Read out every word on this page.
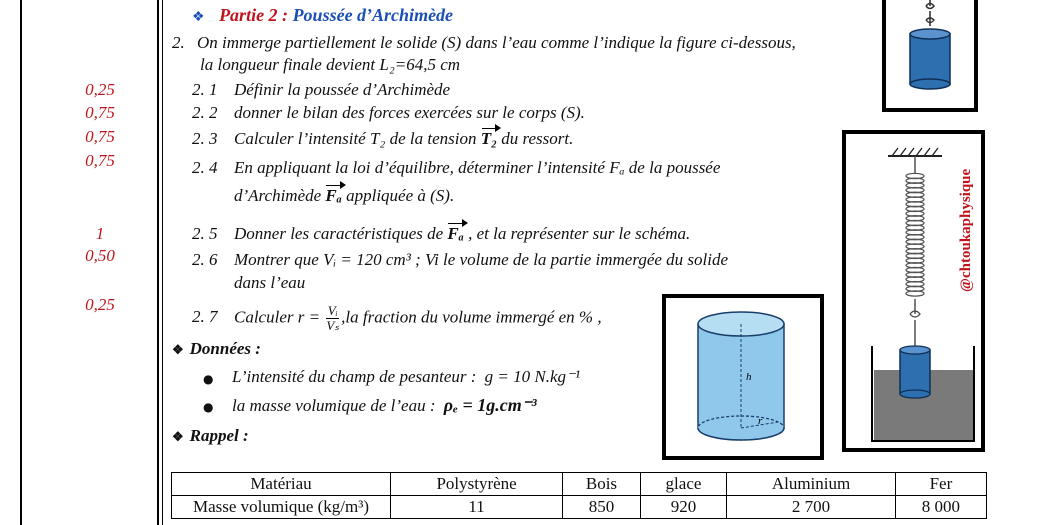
0,25
0,75
0,75
0,75
1
0,50
0,25
❖ Partie 2 : Poussée d’Archimède
2. On immerge partiellement le solide (S) dans l’eau comme l’indique la figure ci-dessous,
la longueur finale devient L₂=64,5 cm
2. 1 Définir la poussée d’Archimède
2. 2 donner le bilan des forces exercées sur le corps (S).
2. 3 Calculer l’intensité T₂ de la tension T₂ du ressort.
2. 4 En appliquant la loi d’équilibre, déterminer l’intensité Fₐ de la poussée
d’Archimède Fₐ appliquée à (S).
2. 5 Donner les caractéristiques de Fₐ , et la représenter sur le schéma.
2. 6 Montrer que Vᵢ = 120 cm³ ; Vi le volume de la partie immergée du solide
dans l’eau
2. 7 Calculer $r = \frac{\text{Vᵢ}}{\text{Vₛ}} ,la$ fraction du volume immergé en % ,
❖ Données :
● L’intensité du champ de pesanteur : g = 10 N.kg⁻¹
● la masse volumique de l’eau : ρₑ = 1g.cm⁻³
❖ Rappel :
Matériau	Polystyrène	Bois	glace	Aluminium	Fer
Masse volumique (kg/m³)	11	850	920	2 700	8 000
h
r
@chtoukaphysique
